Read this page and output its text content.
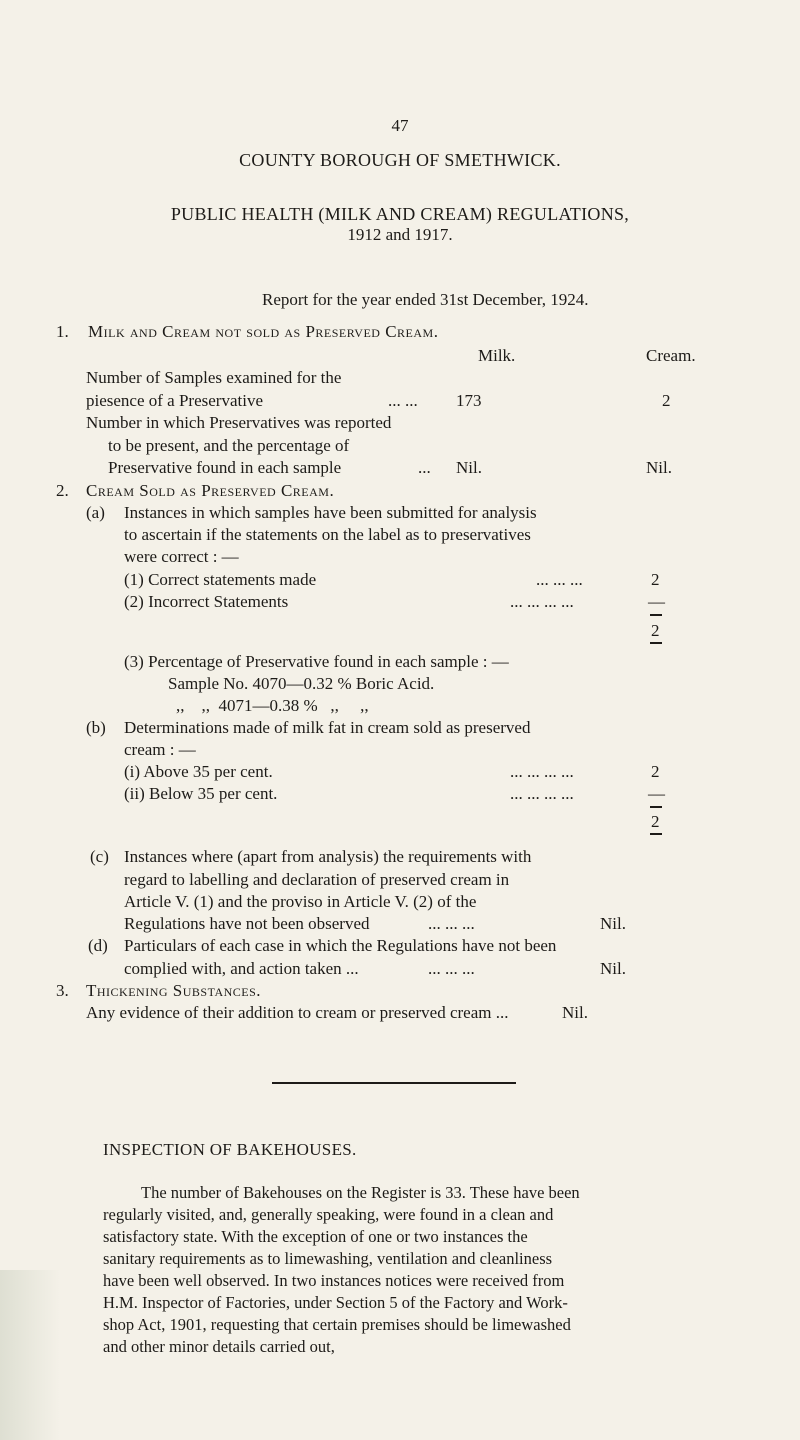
47
COUNTY BOROUGH OF SMETHWICK.
PUBLIC HEALTH (MILK AND CREAM) REGULATIONS,
1912 and 1917.
Report for the year ended 31st December, 1924.
1. Milk and Cream not sold as Preserved Cream.
Milk.	Cream.
Number of Samples examined for the
piesence of a Preservative	... ... 173	2
Number in which Preservatives was reported
to be present, and the percentage of
Preservative found in each sample	... Nil.	Nil.
2. Cream Sold as Preserved Cream.
(a) Instances in which samples have been submitted for analysis
to ascertain if the statements on the label as to preservatives
were correct : —
(1) Correct statements made	... ... ...	2
(2) Incorrect Statements	... ... ... ...	—
2
(3) Percentage of Preservative found in each sample : —
Sample No. 4070—0.32 % Boric Acid.
,,    ,,  4071—0.38 %   ,,     ,,
(b) Determinations made of milk fat in cream sold as preserved
cream : —
(i) Above 35 per cent.	... ... ... ...	2
(ii) Below 35 per cent.	... ... ... ...	—
2
(c) Instances where (apart from analysis) the requirements with
regard to labelling and declaration of preserved cream in
Article V. (1) and the proviso in Article V. (2) of the
Regulations have not been observed	... ... ...	Nil.
(d) Particulars of each case in which the Regulations have not been
complied with, and action taken ...	... ... ...	Nil.
3. Thickening Substances.
Any evidence of their addition to cream or preserved cream ...	Nil.
INSPECTION OF BAKEHOUSES.
The number of Bakehouses on the Register is 33. These have been
regularly visited, and, generally speaking, were found in a clean and
satisfactory state. With the exception of one or two instances the
sanitary requirements as to limewashing, ventilation and cleanliness
have been well observed. In two instances notices were received from
H.M. Inspector of Factories, under Section 5 of the Factory and Work-
shop Act, 1901, requesting that certain premises should be limewashed
and other minor details carried out,
